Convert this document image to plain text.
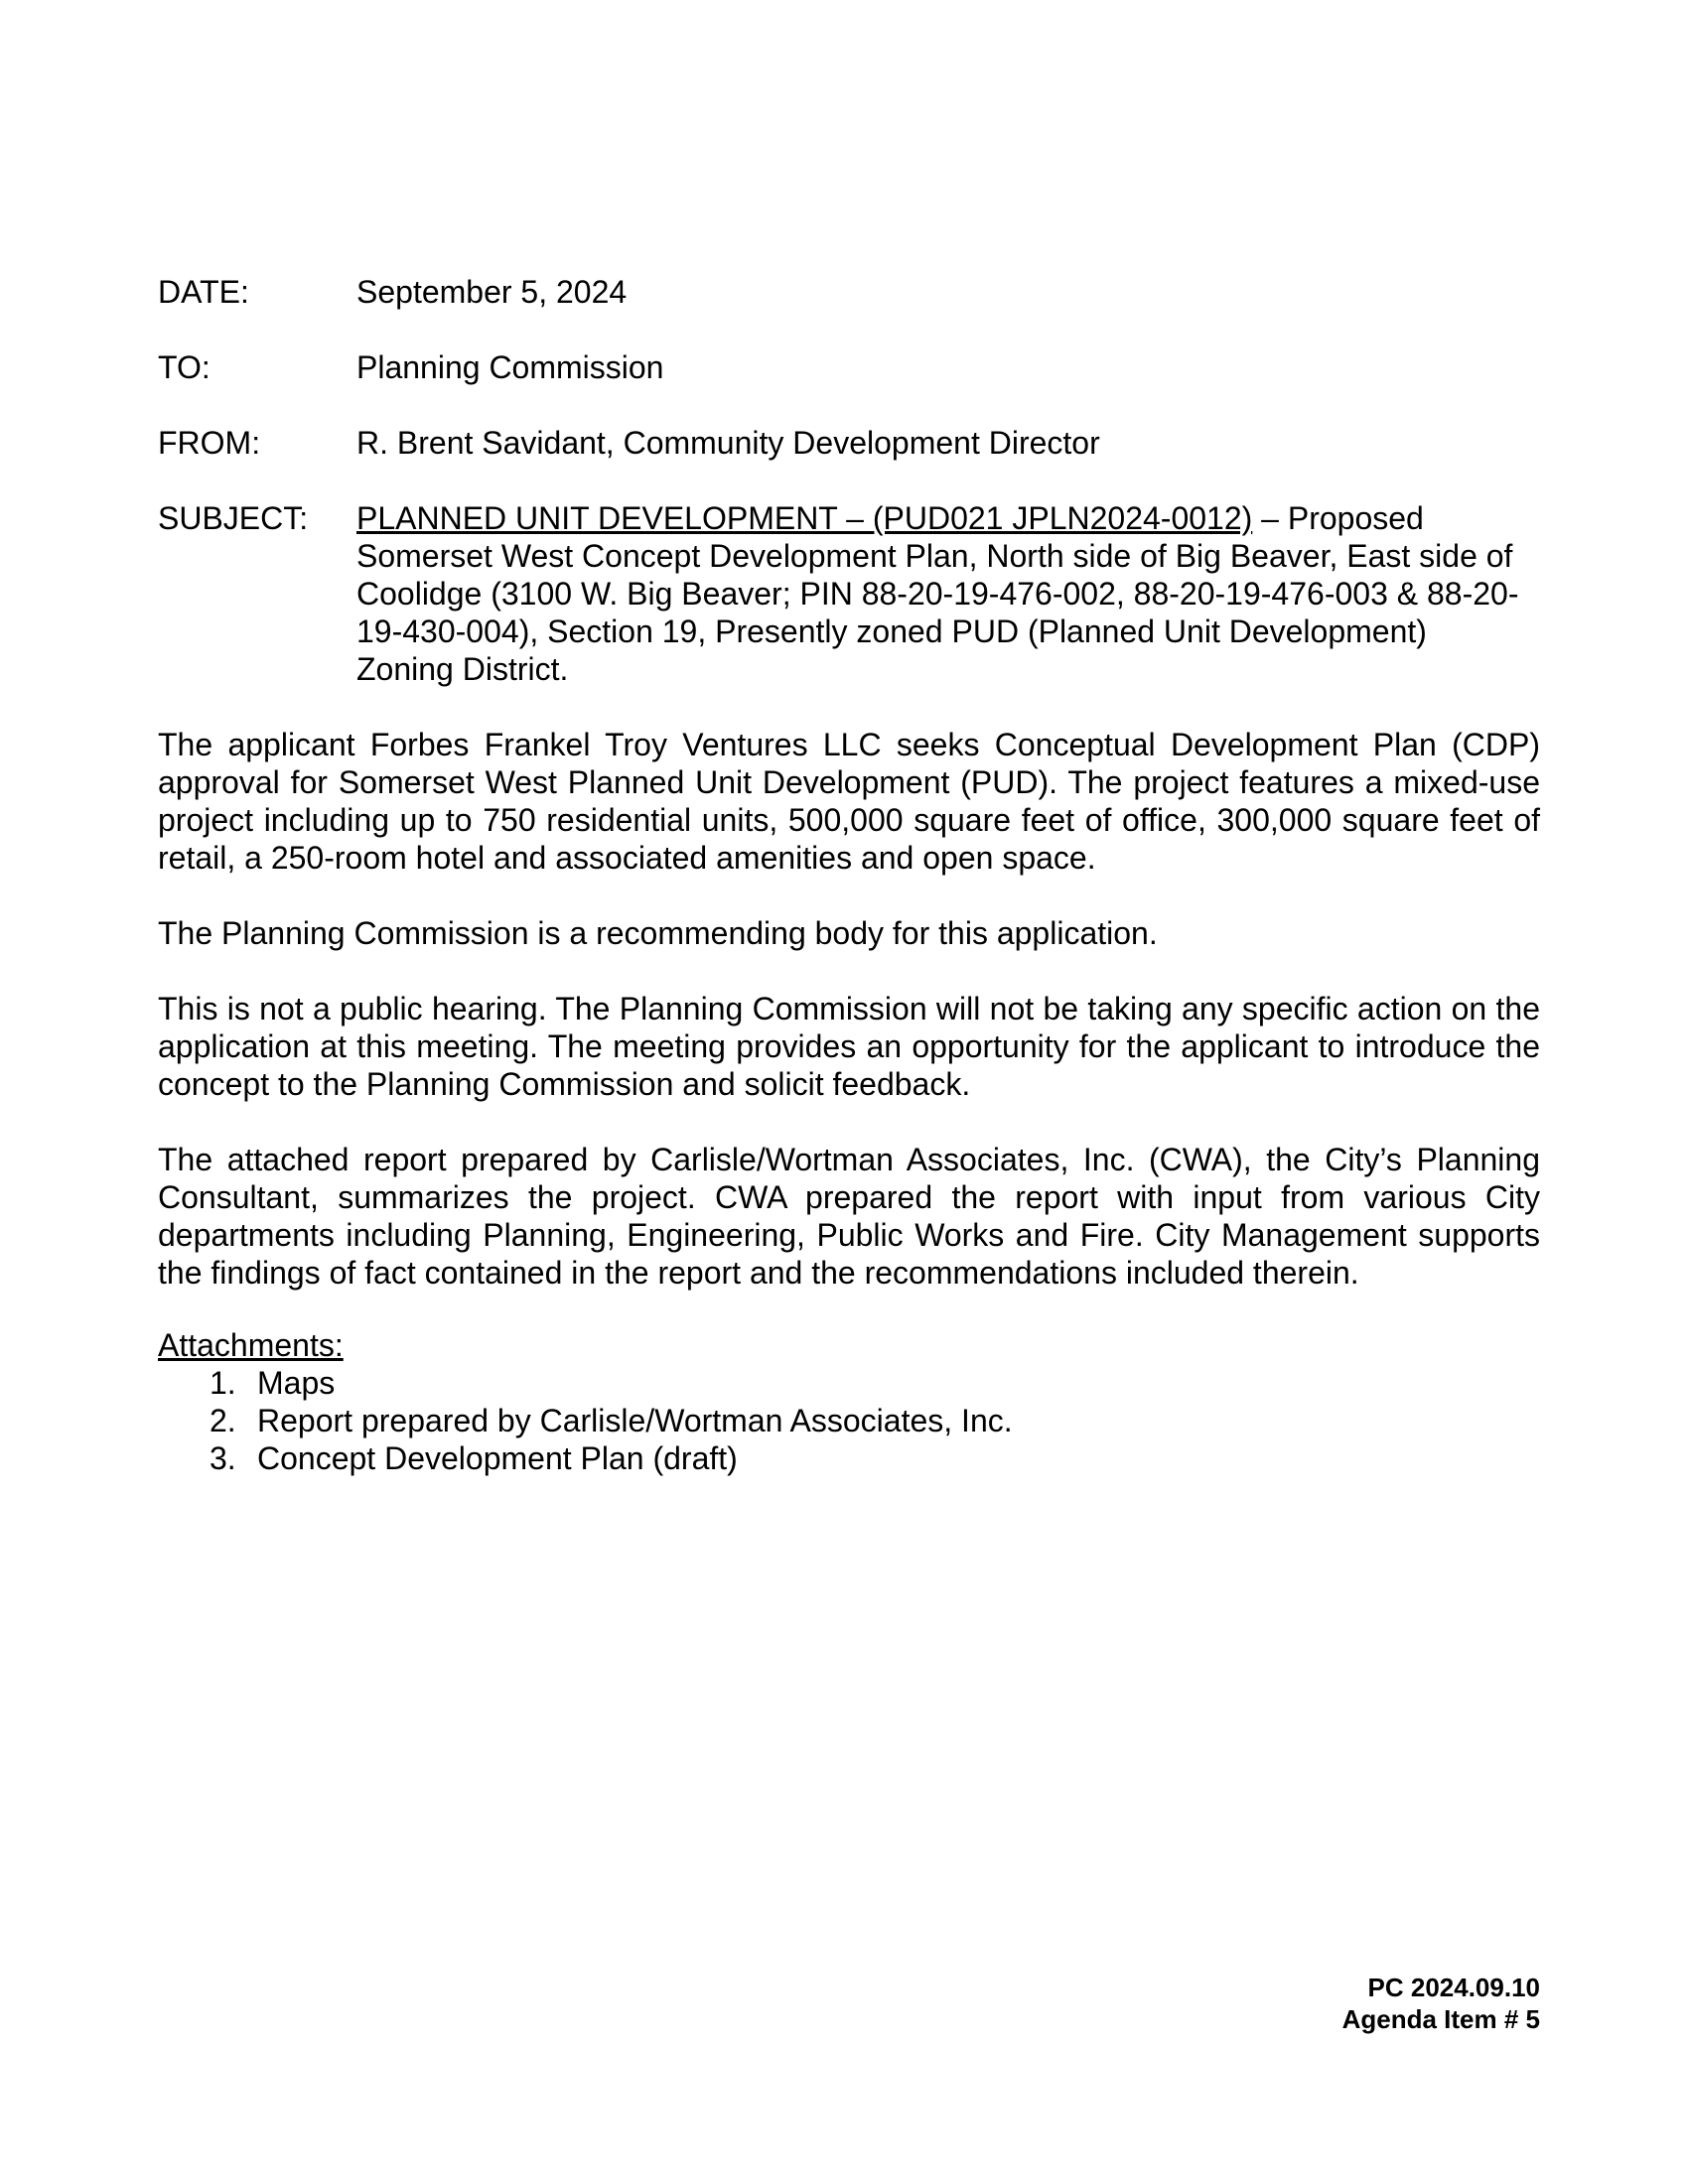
DATE:	September 5, 2024
TO:	Planning Commission
FROM:	R. Brent Savidant, Community Development Director
SUBJECT:	PLANNED UNIT DEVELOPMENT – (PUD021 JPLN2024-0012) – Proposed
Somerset West Concept Development Plan, North side of Big Beaver, East side of
Coolidge (3100 W. Big Beaver; PIN 88-20-19-476-002, 88-20-19-476-003 & 88-20-
19-430-004), Section 19, Presently zoned PUD (Planned Unit Development)
Zoning District.

The applicant Forbes Frankel Troy Ventures LLC seeks Conceptual Development Plan (CDP) approval for Somerset West Planned Unit Development (PUD). The project features a mixed-use project including up to 750 residential units, 500,000 square feet of office, 300,000 square feet of retail, a 250-room hotel and associated amenities and open space.

The Planning Commission is a recommending body for this application.

This is not a public hearing. The Planning Commission will not be taking any specific action on the application at this meeting. The meeting provides an opportunity for the applicant to introduce the concept to the Planning Commission and solicit feedback.

The attached report prepared by Carlisle/Wortman Associates, Inc. (CWA), the City’s Planning Consultant, summarizes the project. CWA prepared the report with input from various City departments including Planning, Engineering, Public Works and Fire. City Management supports the findings of fact contained in the report and the recommendations included therein.

Attachments:
1. Maps
2. Report prepared by Carlisle/Wortman Associates, Inc.
3. Concept Development Plan (draft)
PC 2024.09.10
Agenda Item # 5
